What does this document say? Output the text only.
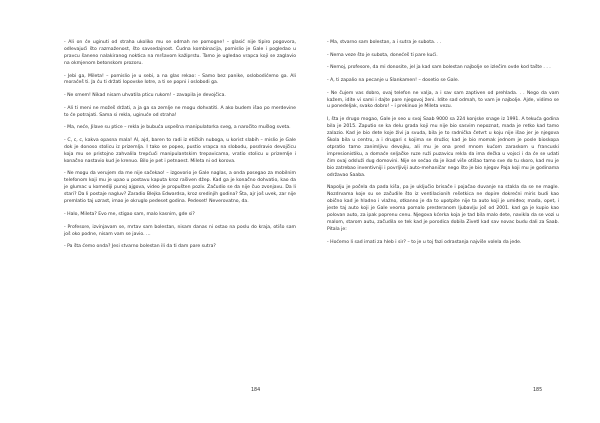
- Ali on će uginuti od straha ukoliko mu se odmah ne pomogne! – glasić nije tipiro pogovora, odlevajući što razmaženost, što savsedajnost. Čudna kombinacija, pomislio je Gale i pogledao u pravcu šaneno nalakiranog nokticа na mršavom kažiprstu. Tamo je ugledao vrapca koji se zaglavio na okmjenom betonskom prozoru.

- Jebi ga, Mileta! – pomislio je u sebi, a na glas rekao: - Samo bez panike, oslobodićemo ga. Ali moraćeš ti. Ja ću ti držati lopovske lotre, a ti se popni i oslobodi ga.

- Ne smem! Nikad nisam uhvatila pticu rukom! – zavapila je devojčica.

- Ali ti meni ne možeš držati, a ja ga sa zemlje ne mogu dohvatiti. A ako budem išao po merdevine to će potrajati. Sama si rekla, uginuće od straha!

- Ma, neće, Jilave su ptice – rekla je bubuća uspešna manipulatorka sveg, a naročito mušlog sveta.

- C, c, c, kakva opasna mala! Al, ajd, baren to radi iz etičkih nuboga, u korist slabih – mislio je Gale dok je donoso stoliсu iz prizemlja. I tako se popeo, pustio vrapca na slobodu, posdravio devojčicu koja mu se pristojno zahvalila trepćući manipulantskim trepavicama, vratio stolicu u prizemlje i konačno nastavio kud je krenuo. Bilo je pet i petnaest. Mileta ni od korova.

- Ne mogu da verujem da me nije sačekao! – izgovorio je Gale naglas, a onda posegao za mobilnim telefonom koji mu je upao u postavu kaputa kroz rašiven džep. Kad ga je konačno dohvatio, kao da je glumac u komediji punoj ajgova, video je propušten poziv. Začudio se da nije čuo zvonjavu. Da li stari? Da li postaje nagluv? Zaradio Blejka Edwardsa, kroz sredinjih godina? Šta, ajr još uvek, zar nije premlatio taj uzrast, imao je okruglo pedeset godina. Pedeset! Neverovatno, da.

- Halo, Mileta? Evo me, stigao sam, malo kasnim, gde si?

- Profesore, izvinjavam se, mrtav sam bolestan, nisam danas ni ostao na poslu do kraja, otišo sam još oko podne, nisam vam se javio. …

- Pa šta ćemo onda? Jesi stvarno bolestan ili da ti dam pare sutra?

184

- Ma, stvarno sam bolestan, a i sutra je subota. . .

- Nema veze što je subota, donećeš ti pare kući.

- Nemoj, profesore, da mi donosite, jel ja kad sam bolestan najbolje se izlečim ovde kod tašte . . .

- A, ti zapalio na pecanje u Slankamen! – dosetio se Gale.

- Ne čujem vas dobro, ovaj telefon ne valja, a i sav sam zaptiven od prehlada. . . Nego da vam kažem, idite vi sami i dajte pare njegovoj ženi. Idite sad odmah, to vam je najbolje. Ajde, vidimo se u ponedeljak, svako dobro! – i prekinuo je Mileta vezu.

I, šta je drugo mogao, Gale je seo u svoj Saab 9000 sa 224 konjske snage iz 1991. A tekuća godina bila je 2015. Zaputio se ka delu grada koji mu nije bio sasvim nepoznat, mada je retko kad tamo zalazio. Kad je bio dete koje živi ja svuda, bila je to radnička četvrt u koju nije išao jer je njegova Škola bila u centru, a i drugari s kojima se družio; kad je bio momak jednom je posle bioskopa otpratio tamo zanimljivu devojku, ali mu je ona pred mnom kućom zaraskom u francuski impresionistiku, a domaće seljačke ruze ruži puzavicu rekla da ima dečka u vojsci i da će se udati čim ovaj odsluži dug domovini. Nije se sećao da je ikad više otišao tamo sve do tu skoro, kad mu je bio zatrebao inventivniji i povrljivijі auto-mehaničar nego što je bio njegov Paja koji mu je godinama održavao Saaba.

Napolju je počela da pada kiša, pa je uključio brisače i pojačao duvanje na stakla da se ne magle. Nozdrvama koje su se začudile što iz ventilacionih rešetkica ne dopire dokrećni miris budi kao obično kad je hladno i vlažno, otkanno je da to upotpite nije ta auto koji je umiđeo; mada, opet, i jeste taj auto koji je Gale veoma pomalo presteranom ljubavlju još od 2001. kad ga je kupio kao polovan auto, za ipak poprenu cenu. Njegova kćerka koja je tad bila malo dete, navikla da se vozi u malom, starom autu, začudila se tek kad je porodica dobila Zivetl kad sav novac budu dali za Saab. Pitala je:

- Hoćemo li sad imati za hleb i sir? – to je u toj fazi odrastanja najviše volela da jede.

185
